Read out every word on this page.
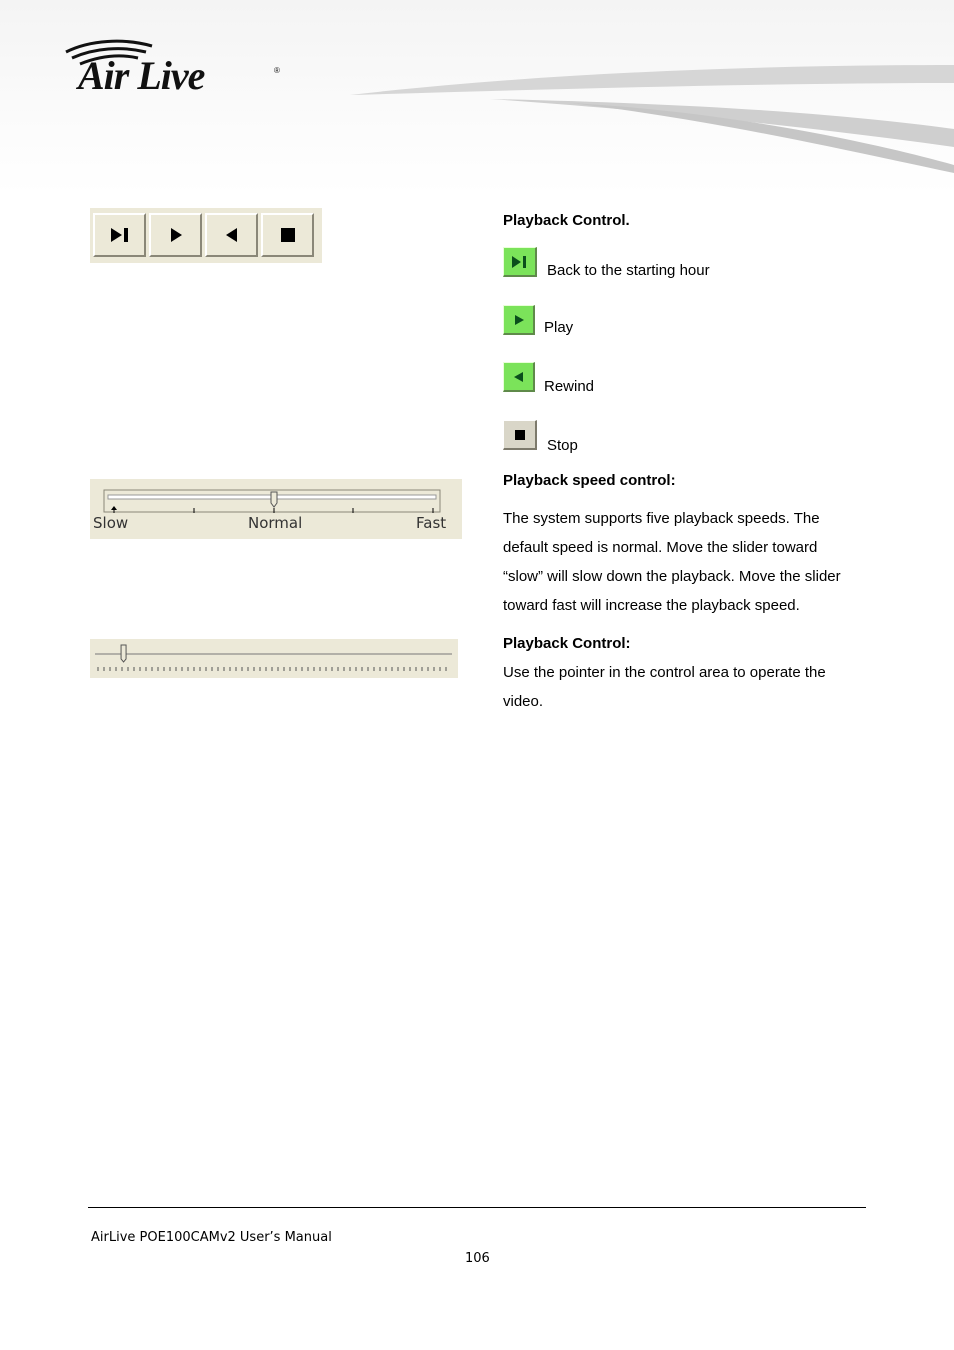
Air Live	®
Slow	Normal	Fast
Playback Control.
Back to the starting hour
Play
Rewind
Stop
Playback speed control:
The system supports five playback speeds. The
default speed is normal. Move the slider toward
“slow” will slow down the playback. Move the slider
toward fast will increase the playback speed.
Playback Control:
Use the pointer in the control area to operate the
video.
AirLive POE100CAMv2 User’s Manual
106
